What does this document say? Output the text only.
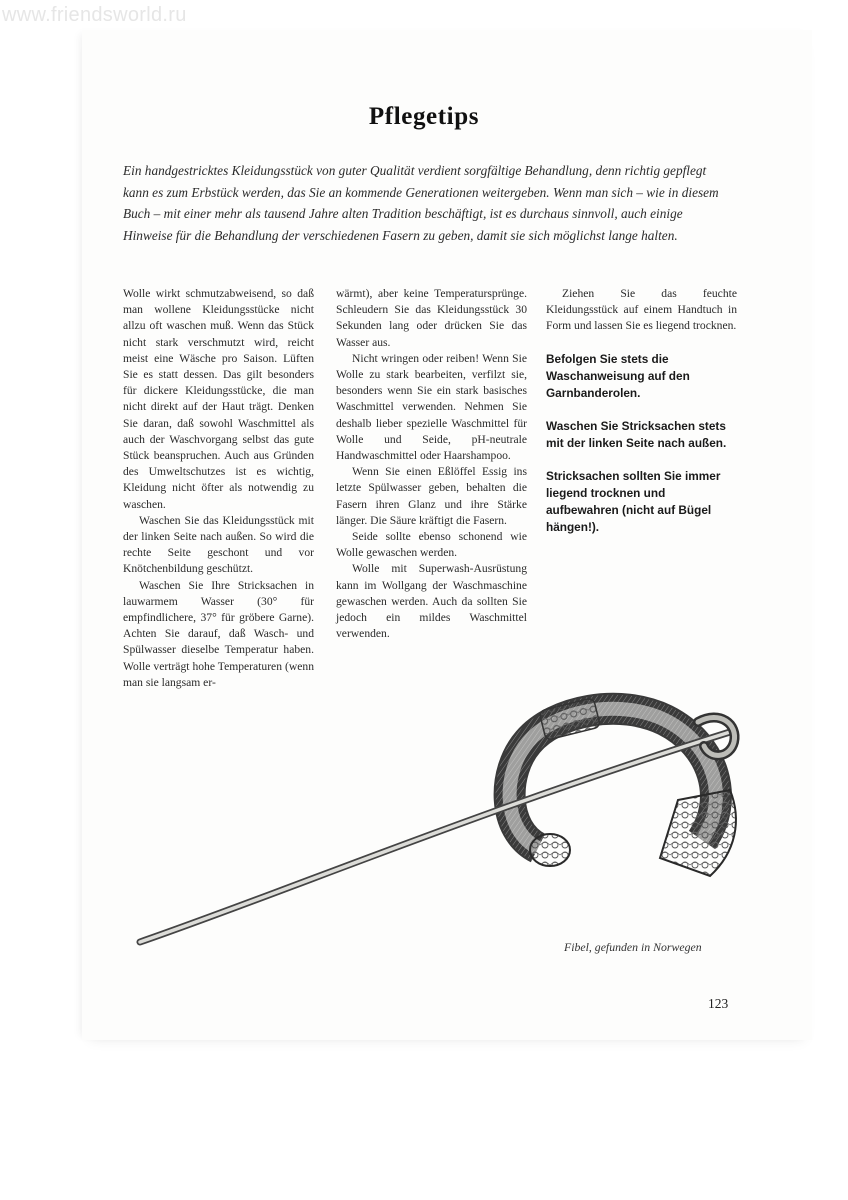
www.friendsworld.ru
Pflegetips
Ein handgestricktes Kleidungsstück von guter Qualität verdient sorgfältige Behandlung, denn richtig gepflegt kann es zum Erbstück werden, das Sie an kommende Generationen weitergeben. Wenn man sich – wie in diesem Buch – mit einer mehr als tausend Jahre alten Tradition beschäftigt, ist es durchaus sinnvoll, auch einige Hinweise für die Behandlung der verschiedenen Fasern zu geben, damit sie sich möglichst lange halten.

Wolle wirkt schmutzabweisend, so daß man wollene Kleidungsstücke nicht allzu oft waschen muß. Wenn das Stück nicht stark verschmutzt wird, reicht meist eine Wäsche pro Saison. Lüften Sie es statt dessen. Das gilt besonders für dickere Kleidungsstücke, die man nicht direkt auf der Haut trägt. Denken Sie daran, daß sowohl Waschmittel als auch der Waschvorgang selbst das gute Stück beanspruchen. Auch aus Gründen des Umweltschutzes ist es wichtig, Kleidung nicht öfter als notwendig zu waschen.

Waschen Sie das Kleidungsstück mit der linken Seite nach außen. So wird die rechte Seite geschont und vor Knötchenbildung geschützt.

Waschen Sie Ihre Stricksachen in lauwarmem Wasser (30° für empfindlichere, 37° für gröbere Garne). Achten Sie darauf, daß Wasch- und Spülwasser dieselbe Temperatur haben. Wolle verträgt hohe Temperaturen (wenn man sie langsam er-

wärmt), aber keine Temperatursprünge. Schleudern Sie das Kleidungsstück 30 Sekunden lang oder drücken Sie das Wasser aus.

Nicht wringen oder reiben! Wenn Sie Wolle zu stark bearbeiten, verfilzt sie, besonders wenn Sie ein stark basisches Waschmittel verwenden. Nehmen Sie deshalb lieber spezielle Waschmittel für Wolle und Seide, pH-neutrale Handwaschmittel oder Haarshampoo.

Wenn Sie einen Eßlöffel Essig ins letzte Spülwasser geben, behalten die Fasern ihren Glanz und ihre Stärke länger. Die Säure kräftigt die Fasern.

Seide sollte ebenso schonend wie Wolle gewaschen werden.

Wolle mit Superwash-Ausrüstung kann im Wollgang der Waschmaschine gewaschen werden. Auch da sollten Sie jedoch ein mildes Waschmittel verwenden.

Ziehen Sie das feuchte Kleidungsstück auf einem Handtuch in Form und lassen Sie es liegend trocknen.

Befolgen Sie stets die Waschanweisung auf den Garnbanderolen.

Waschen Sie Stricksachen stets mit der linken Seite nach außen.

Stricksachen sollten Sie immer liegend trocknen und aufbewahren (nicht auf Bügel hängen!).

Fibel, gefunden in Norwegen
123
